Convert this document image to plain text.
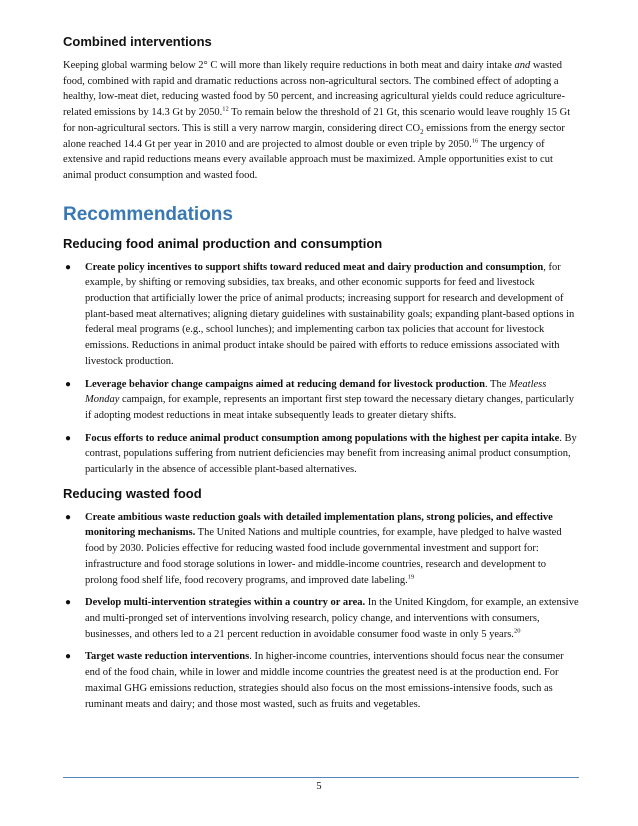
Combined interventions

Keeping global warming below 2° C will more than likely require reductions in both meat and dairy intake and wasted food, combined with rapid and dramatic reductions across non-agricultural sectors. The combined effect of adopting a healthy, low-meat diet, reducing wasted food by 50 percent, and increasing agricultural yields could reduce agriculture-related emissions by 14.3 Gt by 2050.12 To remain below the threshold of 21 Gt, this scenario would leave roughly 15 Gt for non-agricultural sectors. This is still a very narrow margin, considering direct $CO_2$ emissions from the energy sector alone reached 14.4 Gt per year in 2010 and are projected to almost double or even triple by 2050.16 The urgency of extensive and rapid reductions means every available approach must be maximized. Ample opportunities exist to cut animal product consumption and wasted food.

Recommendations
Reducing food animal production and consumption
● Create policy incentives to support shifts toward reduced meat and dairy production and consumption, for example, by shifting or removing subsidies, tax breaks, and other economic supports for feed and livestock production that artificially lower the price of animal products; increasing support for research and development of plant-based meat alternatives; aligning dietary guidelines with sustainability goals; expanding plant-based options in federal meal programs (e.g., school lunches); and implementing carbon tax policies that account for livestock emissions. Reductions in animal product intake should be paired with efforts to reduce emissions associated with livestock production.
● Leverage behavior change campaigns aimed at reducing demand for livestock production. The Meatless Monday campaign, for example, represents an important first step toward the necessary dietary changes, particularly if adopting modest reductions in meat intake subsequently leads to greater dietary shifts.
● Focus efforts to reduce animal product consumption among populations with the highest per capita intake. By contrast, populations suffering from nutrient deficiencies may benefit from increasing animal product consumption, particularly in the absence of accessible plant-based alternatives.
Reducing wasted food
● Create ambitious waste reduction goals with detailed implementation plans, strong policies, and effective monitoring mechanisms. The United Nations and multiple countries, for example, have pledged to halve wasted food by 2030. Policies effective for reducing wasted food include governmental investment and support for: infrastructure and food storage solutions in lower- and middle-income countries, research and development to prolong food shelf life, food recovery programs, and improved date labeling.$^{19}$
● Develop multi-intervention strategies within a country or area. In the United Kingdom, for example, an extensive and multi-pronged set of interventions involving research, policy change, and interventions with consumers, businesses, and others led to a 21 percent reduction in avoidable consumer food waste in only 5 years.$^{20}$
● Target waste reduction interventions. In higher-income countries, interventions should focus near the consumer end of the food chain, while in lower and middle income countries the greatest need is at the production end. For maximal GHG emissions reduction, strategies should also focus on the most emissions-intensive foods, such as ruminant meats and dairy; and those most wasted, such as fruits and vegetables.
5
